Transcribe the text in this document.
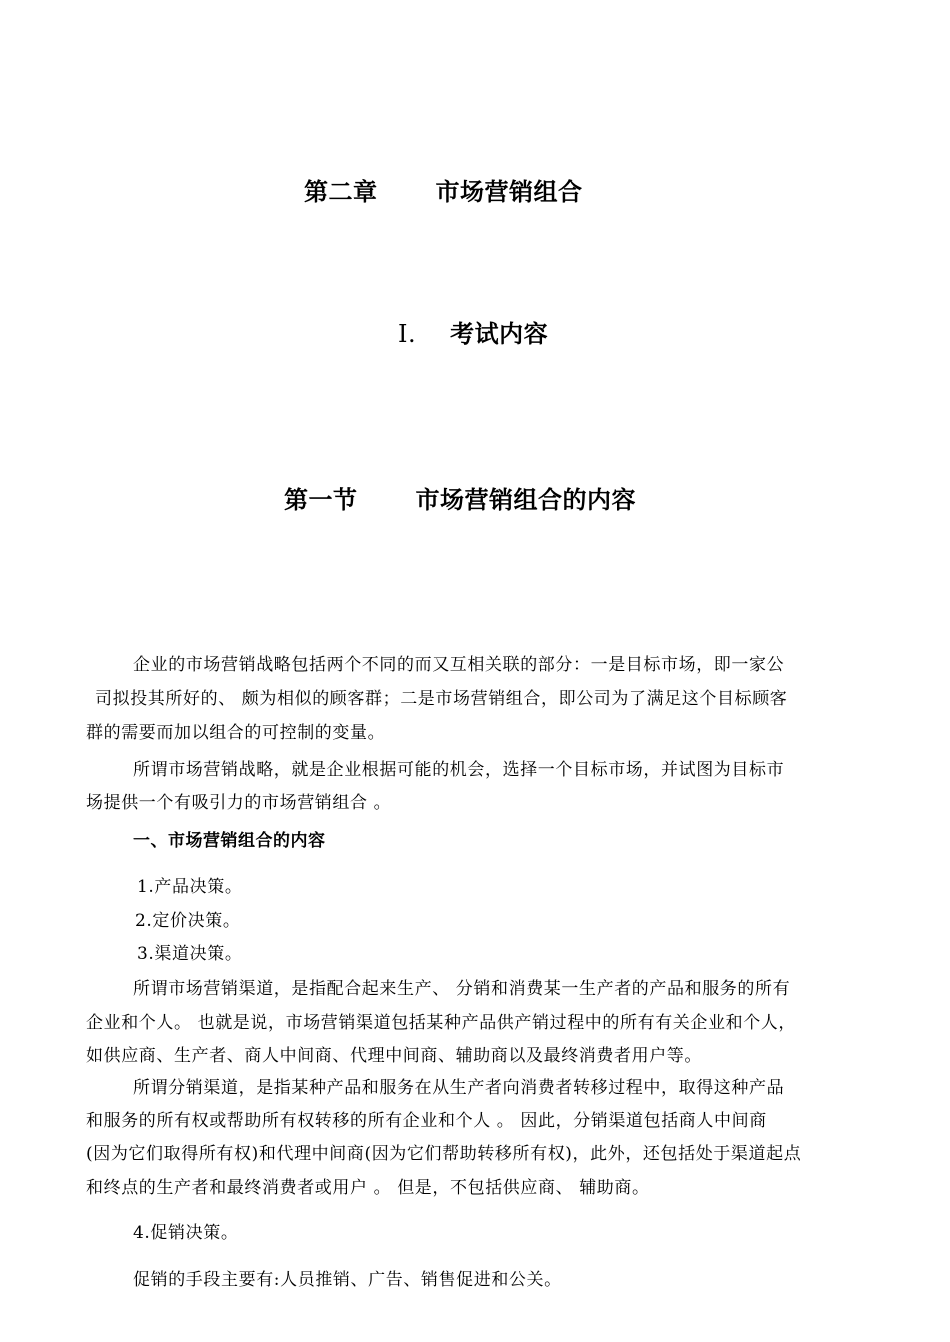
第二章 市场营销组合
I. 考试内容
第一节 市场营销组合的内容
企业的市场营销战略包括两个不同的而又互相关联的部分：一是目标市场，即一家公
司拟投其所好的、 颇为相似的顾客群；二是市场营销组合，即公司为了满足这个目标顾客
群的需要而加以组合的可控制的变量。
所谓市场营销战略，就是企业根据可能的机会，选择一个目标市场，并试图为目标市
场提供一个有吸引力的市场营销组合 。
一、市场营销组合的内容
1.产品决策。
2.定价决策。
3.渠道决策。
所谓市场营销渠道，是指配合起来生产、 分销和消费某一生产者的产品和服务的所有
企业和个人。 也就是说，市场营销渠道包括某种产品供产销过程中的所有有关企业和个人，
如供应商、生产者、商人中间商、代理中间商、辅助商以及最终消费者用户等。
所谓分销渠道，是指某种产品和服务在从生产者向消费者转移过程中，取得这种产品
和服务的所有权或帮助所有权转移的所有企业和个人 。 因此，分销渠道包括商人中间商
(因为它们取得所有权)和代理中间商(因为它们帮助转移所有权)，此外，还包括处于渠道起点
和终点的生产者和最终消费者或用户 。 但是，不包括供应商、 辅助商。
4.促销决策。
促销的手段主要有:人员推销、广告、销售促进和公关。
